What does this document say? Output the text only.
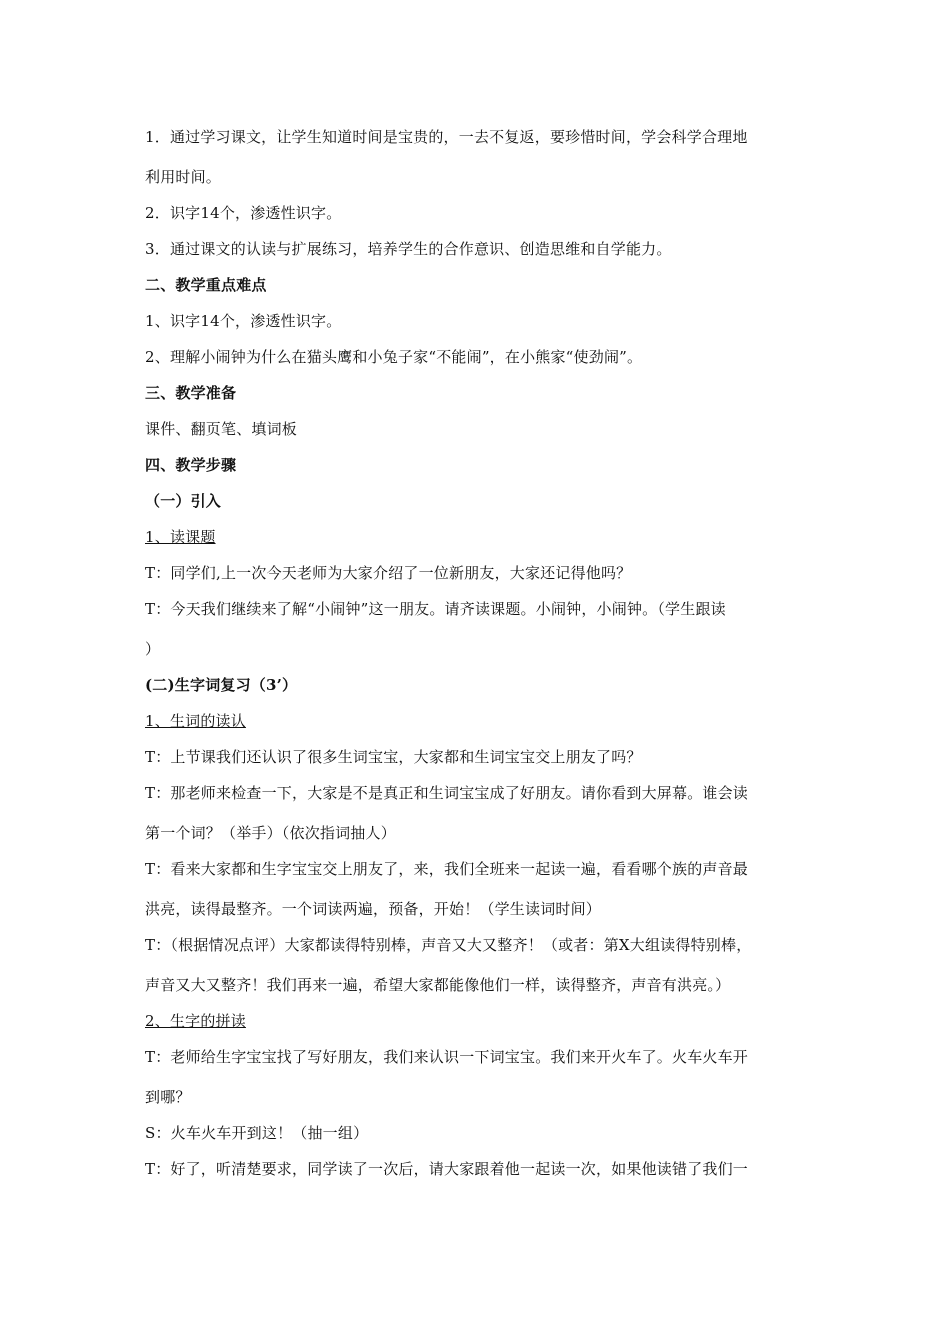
1．通过学习课文，让学生知道时间是宝贵的，一去不复返，要珍惜时间，学会科学合理地
利用时间。
2．识字14个，渗透性识字。
3．通过课文的认读与扩展练习，培养学生的合作意识、创造思维和自学能力。
二、教学重点难点
1、识字14个，渗透性识字。
2、理解小闹钟为什么在猫头鹰和小兔子家“不能闹”，在小熊家“使劲闹”。
三、教学准备
课件、翻页笔、填词板
四、教学步骤
（一）引入
1、读课题
T：同学们,上一次今天老师为大家介绍了一位新朋友，大家还记得他吗？
T：今天我们继续来了解“小闹钟”这一朋友。请齐读课题。小闹钟，小闹钟。（学生跟读
）
(二)生字词复习（3’）
1、生词的读认
T：上节课我们还认识了很多生词宝宝，大家都和生词宝宝交上朋友了吗？
T：那老师来检查一下，大家是不是真正和生词宝宝成了好朋友。请你看到大屏幕。谁会读
第一个词？（举手）（依次指词抽人）
T：看来大家都和生字宝宝交上朋友了，来，我们全班来一起读一遍，看看哪个族的声音最
洪亮，读得最整齐。一个词读两遍，预备，开始！（学生读词时间）
T：（根据情况点评）大家都读得特别棒，声音又大又整齐！（或者：第X大组读得特别棒，
声音又大又整齐！我们再来一遍，希望大家都能像他们一样，读得整齐，声音有洪亮。）
2、生字的拼读
T：老师给生字宝宝找了写好朋友，我们来认识一下词宝宝。我们来开火车了。火车火车开
到哪？
S：火车火车开到这！（抽一组）
T：好了，听清楚要求，同学读了一次后，请大家跟着他一起读一次，如果他读错了我们一
